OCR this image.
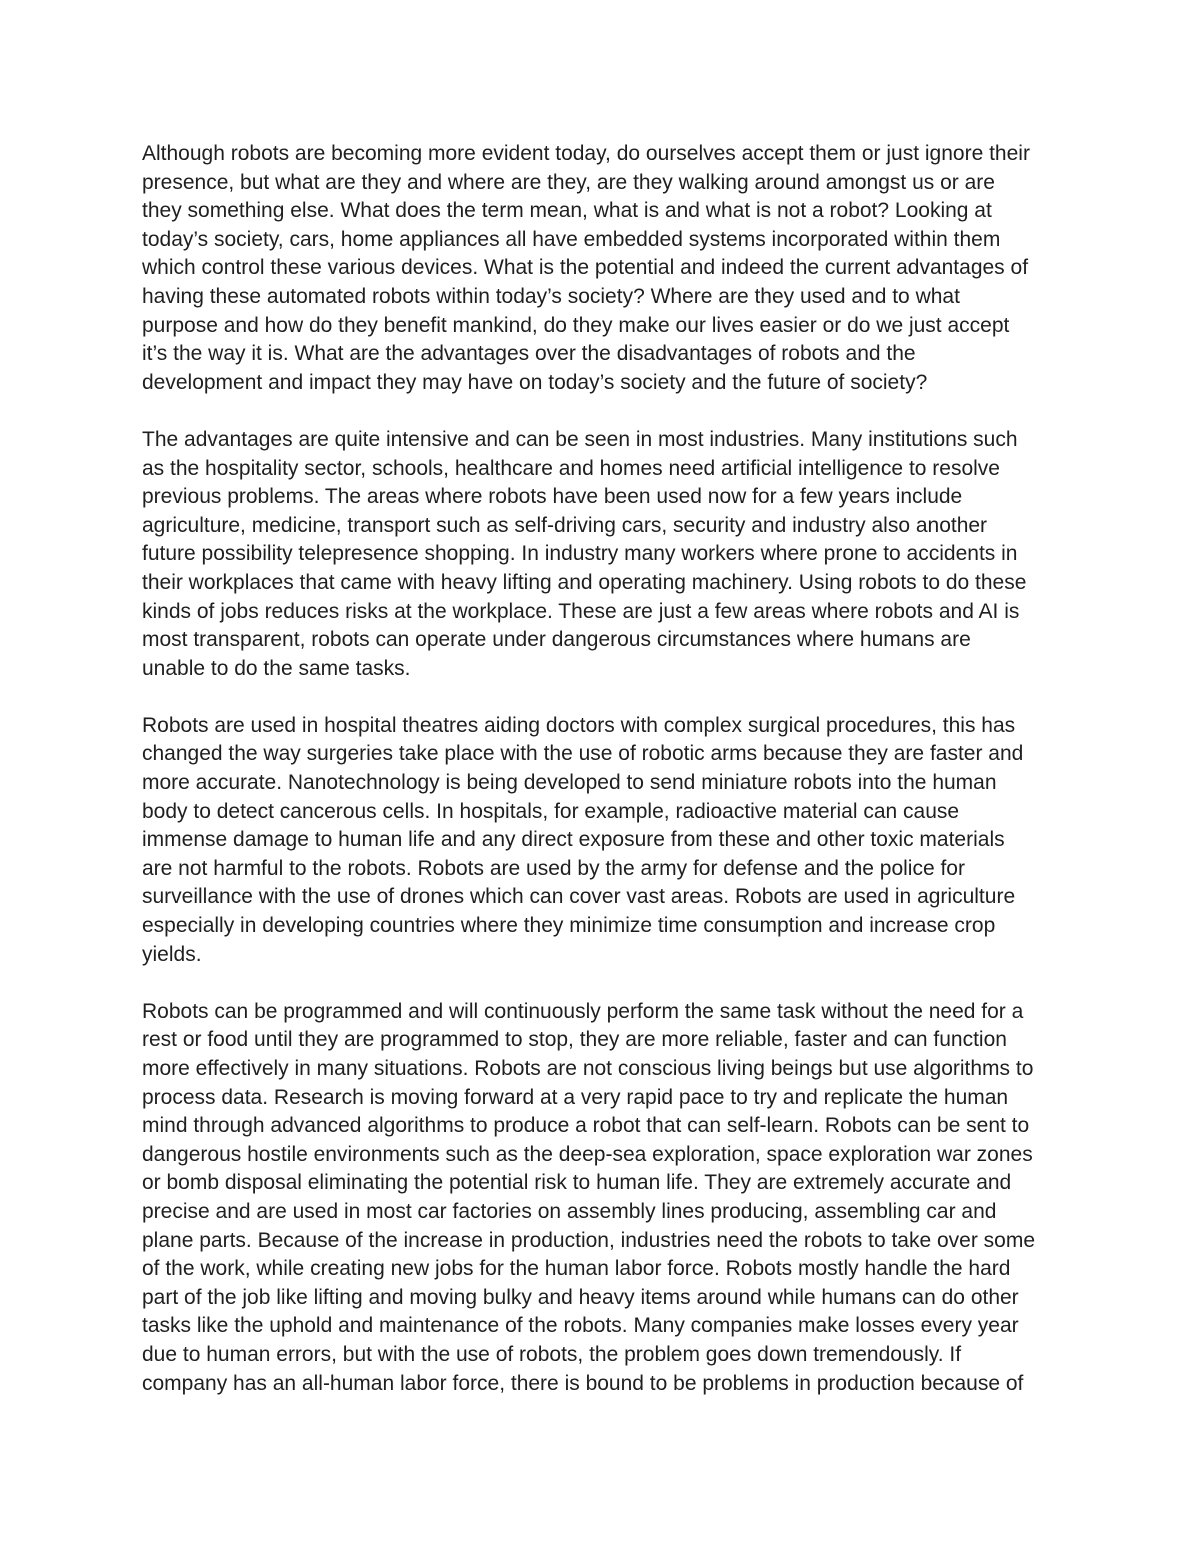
Although robots are becoming more evident today, do ourselves accept them or just ignore their
presence, but what are they and where are they, are they walking around amongst us or are
they something else. What does the term mean, what is and what is not a robot? Looking at
today’s society, cars, home appliances all have embedded systems incorporated within them
which control these various devices. What is the potential and indeed the current advantages of
having these automated robots within today’s society? Where are they used and to what
purpose and how do they benefit mankind, do they make our lives easier or do we just accept
it’s the way it is. What are the advantages over the disadvantages of robots and the
development and impact they may have on today’s society and the future of society?

The advantages are quite intensive and can be seen in most industries. Many institutions such
as the hospitality sector, schools, healthcare and homes need artificial intelligence to resolve
previous problems. The areas where robots have been used now for a few years include
agriculture, medicine, transport such as self-driving cars, security and industry also another
future possibility telepresence shopping. In industry many workers where prone to accidents in
their workplaces that came with heavy lifting and operating machinery. Using robots to do these
kinds of jobs reduces risks at the workplace. These are just a few areas where robots and AI is
most transparent, robots can operate under dangerous circumstances where humans are
unable to do the same tasks.

Robots are used in hospital theatres aiding doctors with complex surgical procedures, this has
changed the way surgeries take place with the use of robotic arms because they are faster and
more accurate. Nanotechnology is being developed to send miniature robots into the human
body to detect cancerous cells. In hospitals, for example, radioactive material can cause
immense damage to human life and any direct exposure from these and other toxic materials
are not harmful to the robots. Robots are used by the army for defense and the police for
surveillance with the use of drones which can cover vast areas. Robots are used in agriculture
especially in developing countries where they minimize time consumption and increase crop
yields.

Robots can be programmed and will continuously perform the same task without the need for a
rest or food until they are programmed to stop, they are more reliable, faster and can function
more effectively in many situations. Robots are not conscious living beings but use algorithms to
process data. Research is moving forward at a very rapid pace to try and replicate the human
mind through advanced algorithms to produce a robot that can self-learn. Robots can be sent to
dangerous hostile environments such as the deep-sea exploration, space exploration war zones
or bomb disposal eliminating the potential risk to human life. They are extremely accurate and
precise and are used in most car factories on assembly lines producing, assembling car and
plane parts. Because of the increase in production, industries need the robots to take over some
of the work, while creating new jobs for the human labor force. Robots mostly handle the hard
part of the job like lifting and moving bulky and heavy items around while humans can do other
tasks like the uphold and maintenance of the robots. Many companies make losses every year
due to human errors, but with the use of robots, the problem goes down tremendously. If
company has an all-human labor force, there is bound to be problems in production because of
